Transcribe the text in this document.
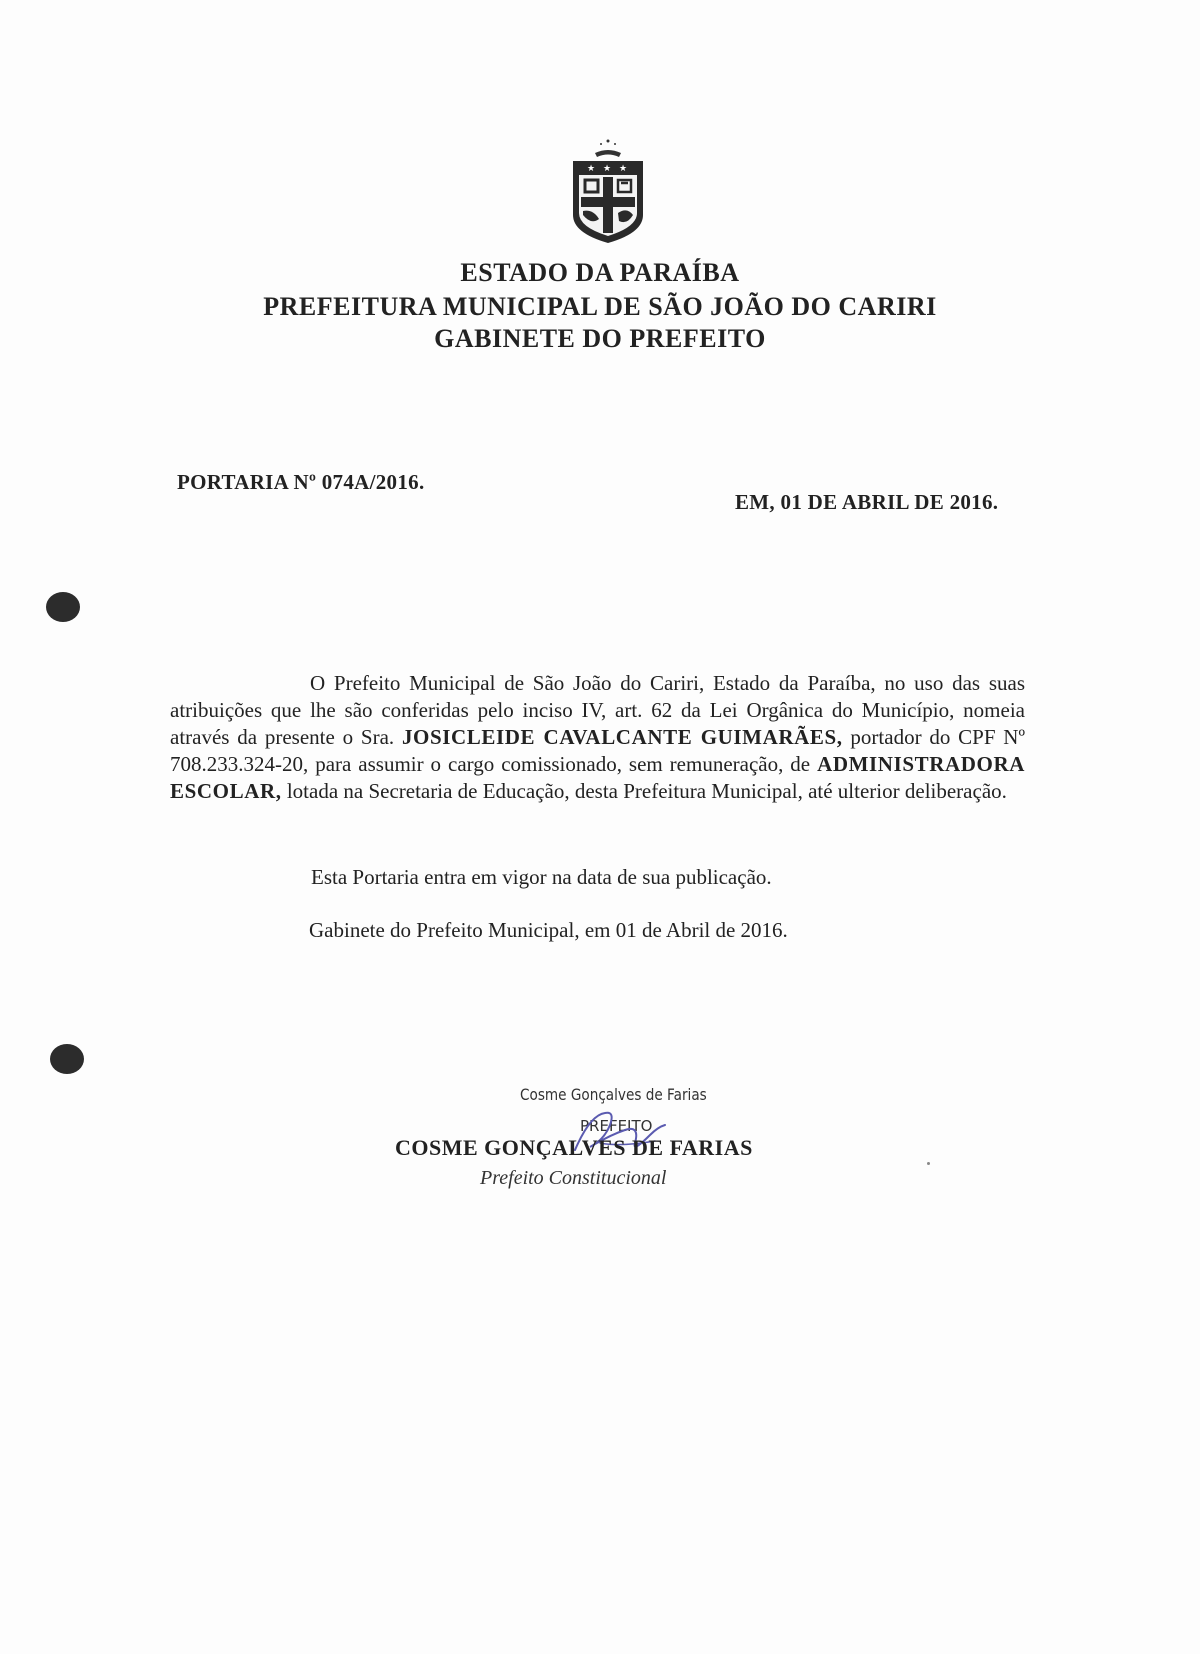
★ ★ ★
ESTADO DA PARAÍBA
PREFEITURA MUNICIPAL DE SÃO JOÃO DO CARIRI
GABINETE DO PREFEITO
PORTARIA Nº 074A/2016.
EM, 01 DE ABRIL DE 2016.
O Prefeito Municipal de São João do Cariri, Estado da Paraíba, no uso das suas atribuições que lhe são conferidas pelo inciso IV, art. 62 da Lei Orgânica do Município, nomeia através da presente o Sra. JOSICLEIDE CAVALCANTE GUIMARÃES, portador do CPF Nº 708.233.324-20, para assumir o cargo comissionado, sem remuneração, de ADMINISTRADORA ESCOLAR, lotada na Secretaria de Educação, desta Prefeitura Municipal, até ulterior deliberação.
Esta Portaria entra em vigor na data de sua publicação.
Gabinete do Prefeito Municipal, em 01 de Abril de 2016.
Cosme Gonçalves de Farias
PREFEITO
COSME GONÇALVES DE FARIAS
Prefeito Constitucional
